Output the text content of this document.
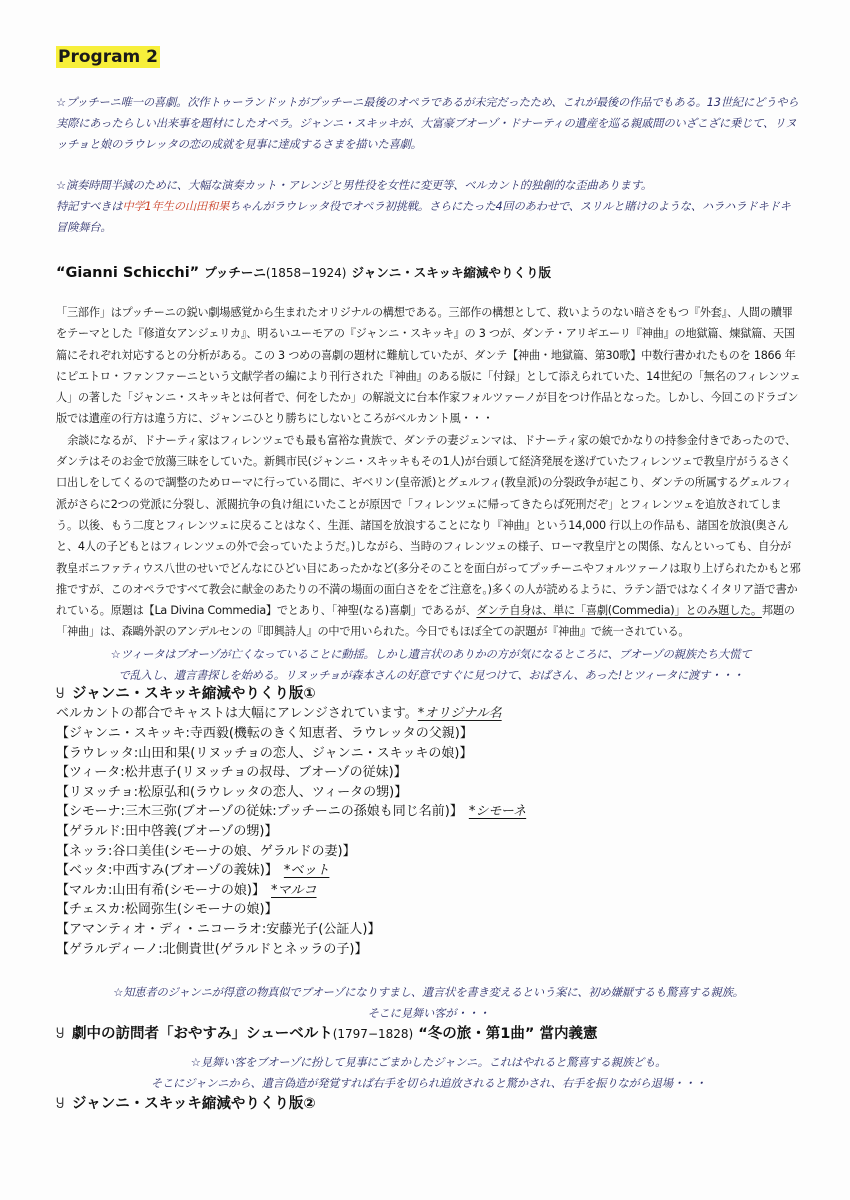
Program 2
☆プッチーニ唯一の喜劇。次作トゥーランドットがプッチーニ最後のオペラであるが未完だったため、これが最後の作品でもある。13世紀にどうやら実際にあったらしい出来事を題材にしたオペラ。ジャンニ・スキッキが、大富豪ブオーゾ・ドナーティの遺産を巡る親戚間のいざこざに乗じて、リヌッチョと娘のラウレッタの恋の成就を見事に達成するさまを描いた喜劇。
☆演奏時間半減のために、大幅な演奏カット・アレンジと男性役を女性に変更等、ベルカント的独創的な歪曲あります。
特記すべきは中学1年生の山田和果ちゃんがラウレッタ役でオペラ初挑戦。さらにたった4回のあわせで、スリルと賭けのような、ハラハラドキドキ冒険舞台。
“Gianni Schicchi” プッチーニ(1858−1924) ジャンニ・スキッキ縮減やりくり版

「三部作」はプッチーニの鋭い劇場感覚から生まれたオリジナルの構想である。三部作の構想として、救いようのない暗さをもつ『外套』、人間の贖罪をテーマとした『修道女アンジェリカ』、明るいユーモアの『ジャンニ・スキッキ』の 3 つが、ダンテ・アリギエーリ『神曲』の地獄篇、煉獄篇、天国篇にそれぞれ対応するとの分析がある。この 3 つめの喜劇の題材に難航していたが、ダンテ【神曲・地獄篇、第30歌】中数行書かれたものを 1866 年にピエトロ・ファンファーニという文献学者の編により刊行された『神曲』のある版に「付録」として添えられていた、14世紀の「無名のフィレンツェ人」の著した「ジャンニ・スキッキとは何者で、何をしたか」の解説文に台本作家フォルツァーノが目をつけ作品となった。しかし、今回このドラゴン版では遺産の行方は違う方に、ジャンニひとり勝ちにしないところがベルカント風・・・

余談になるが、ドナーティ家はフィレンツェでも最も富裕な貴族で、ダンテの妻ジェンマは、ドナーティ家の娘でかなりの持参金付きであったので、ダンテはそのお金で放蕩三昧をしていた。新興市民(ジャンニ・スキッキもその1人)が台頭して経済発展を遂げていたフィレンツェで教皇庁がうるさく口出しをしてくるので調整のためローマに行っている間に、ギベリン(皇帝派)とグェルフィ(教皇派)の分裂政争が起こり、ダンテの所属するグェルフィ派がさらに2つの党派に分裂し、派閥抗争の負け組にいたことが原因で「フィレンツェに帰ってきたらば死刑だぞ」とフィレンツェを追放されてしまう。以後、もう二度とフィレンツェに戻ることはなく、生涯、諸国を放浪することになり『神曲』という14,000 行以上の作品も、諸国を放浪(奥さんと、4人の子どもとはフィレンツェの外で会っていたようだ。)しながら、当時のフィレンツェの様子、ローマ教皇庁との関係、なんといっても、自分が教皇ボニファティウス八世のせいでどんなにひどい目にあったかなど(多分そのことを面白がってプッチーニやフォルツァーノは取り上げられたかもと邪推ですが、このオペラですべて教会に献金のあたりの不満の場面の面白さををご注意を。)多くの人が読めるように、ラテン語ではなくイタリア語で書かれている。原題は【La Divina Commedia】でとあり、「神聖(なる)喜劇」であるが、ダンテ自身は、単に「喜劇(Commedia)」とのみ題した。邦題の「神曲」は、森鷗外訳のアンデルセンの『即興詩人』の中で用いられた。今日でもほぼ全ての訳題が『神曲』で統一されている。

☆ツィータはブオーゾが亡くなっていることに動揺。しかし遺言状のありかの方が気になるところに、ブオーゾの親族たち大慌てで乱入し、遺言書探しを始める。リヌッチョが森本さんの好意ですぐに見つけて、おばさん、あった!とツィータに渡す・・・
Ⴘ ジャンニ・スキッキ縮減やりくり版①
ベルカントの都合でキャストは大幅にアレンジされています。*オリジナル名
【ジャンニ・スキッキ:寺西毅(機転のきく知恵者、ラウレッタの父親)】
【ラウレッタ:山田和果(リヌッチョの恋人、ジャンニ・スキッキの娘)】
【ツィータ:松井恵子(リヌッチョの叔母、ブオーゾの従妹)】
【リヌッチョ:松原弘和(ラウレッタの恋人、ツィータの甥)】
【シモーナ:三木三弥(ブオーゾの従妹:プッチーニの孫娘も同じ名前)】 *シモーネ
【ゲラルド:田中啓義(ブオーゾの甥)】
【ネッラ:谷口美佳(シモーナの娘、ゲラルドの妻)】
【ベッタ:中西すみ(ブオーゾの義妹)】 *ベット
【マルカ:山田有希(シモーナの娘)】 *マルコ
【チェスカ:松岡弥生(シモーナの娘)】
【アマンティオ・ディ・ニコーラオ:安藤光子(公証人)】
【ゲラルディーノ:北側貴世(ゲラルドとネッラの子)】
☆知恵者のジャンニが得意の物真似でブオーゾになりすまし、遺言状を書き変えるという案に、初め嫌厭するも驚喜する親族。
そこに見舞い客が・・・
Ⴘ 劇中の訪問者「おやすみ」シューベルト(1797−1828) “冬の旅・第1曲” 當内義憲
☆見舞い客をブオーゾに扮して見事にごまかしたジャンニ。これはやれると驚喜する親族ども。
そこにジャンニから、遺言偽造が発覚すれば右手を切られ追放されると驚かされ、右手を振りながら退場・・・
Ⴘ ジャンニ・スキッキ縮減やりくり版②
